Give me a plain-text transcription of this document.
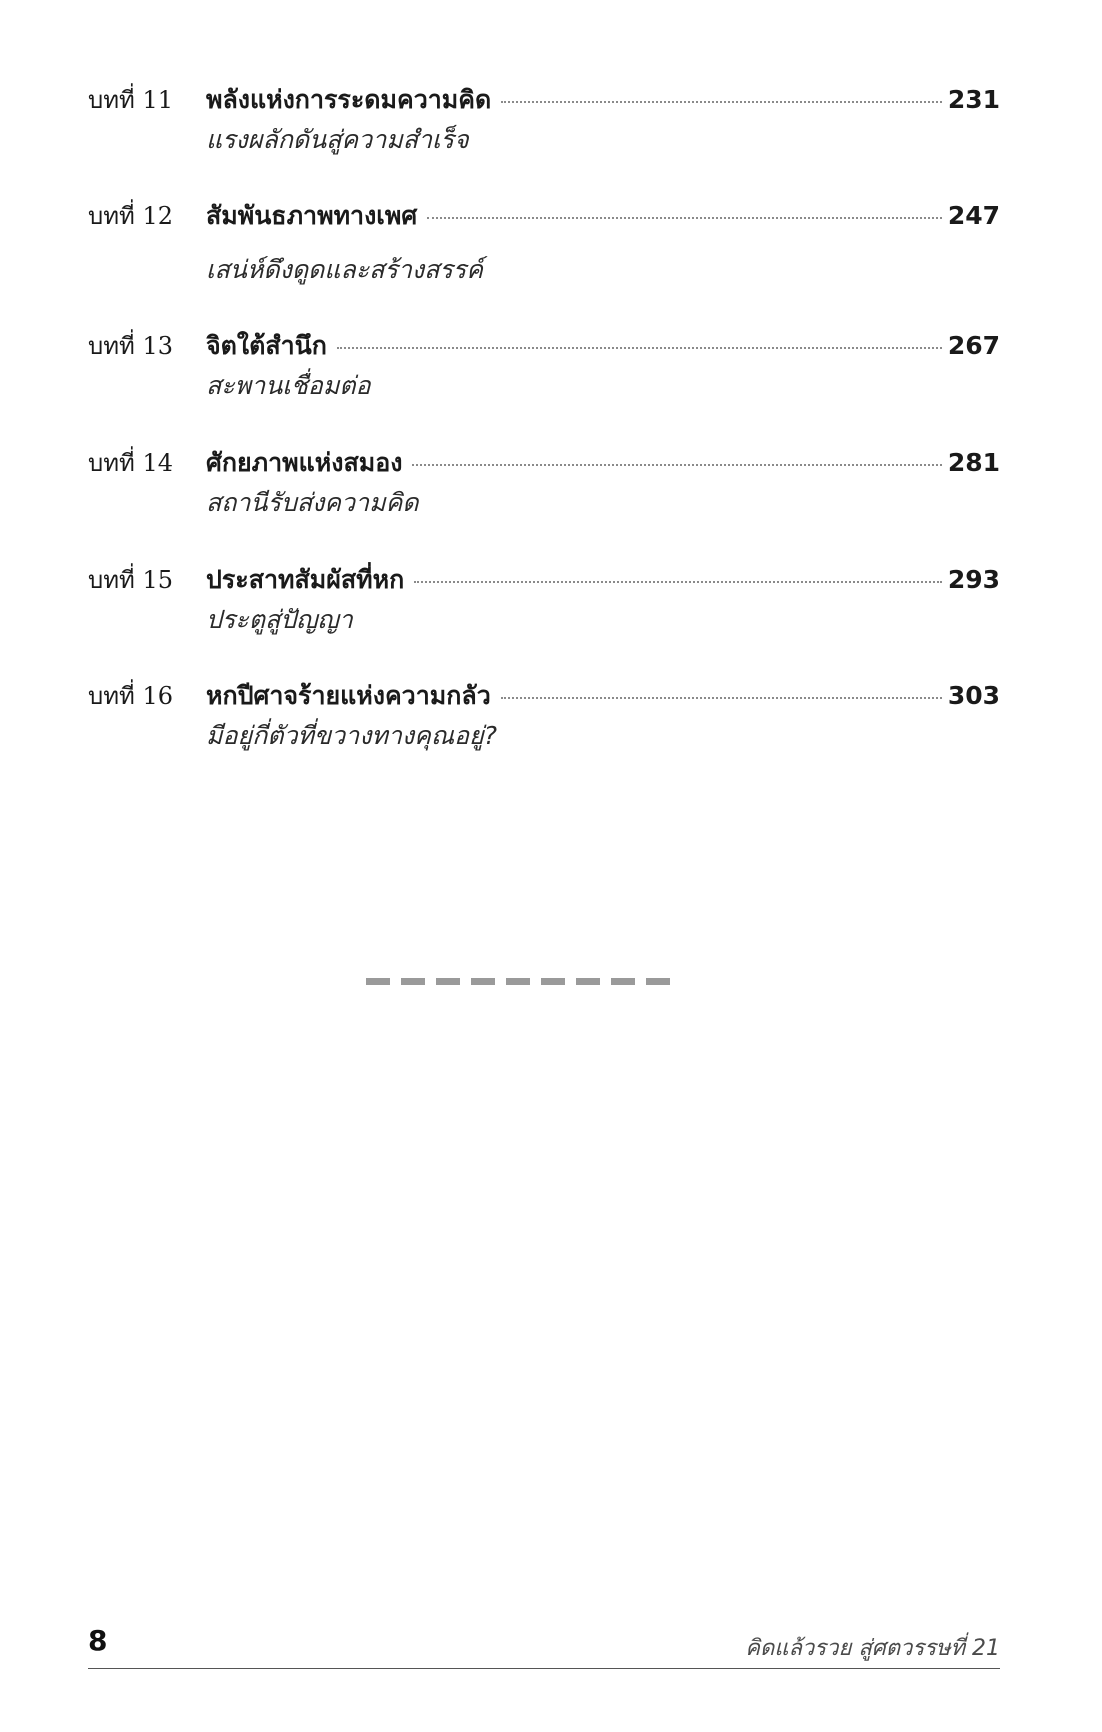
บทที่ 11	พลังแห่งการระดมความคิด	231
แรงผลักดันสู่ความสำเร็จ
บทที่ 12	สัมพันธภาพทางเพศ	247
เสน่ห์ดึงดูดและสร้างสรรค์
บทที่ 13	จิตใต้สำนึก	267
สะพานเชื่อมต่อ
บทที่ 14	ศักยภาพแห่งสมอง	281
สถานีรับส่งความคิด
บทที่ 15	ประสาทสัมผัสที่หก	293
ประตูสู่ปัญญา
บทที่ 16	หกปีศาจร้ายแห่งความกลัว	303
มีอยู่กี่ตัวที่ขวางทางคุณอยู่?
8	คิดแล้วรวย สู่ศตวรรษที่ 21
